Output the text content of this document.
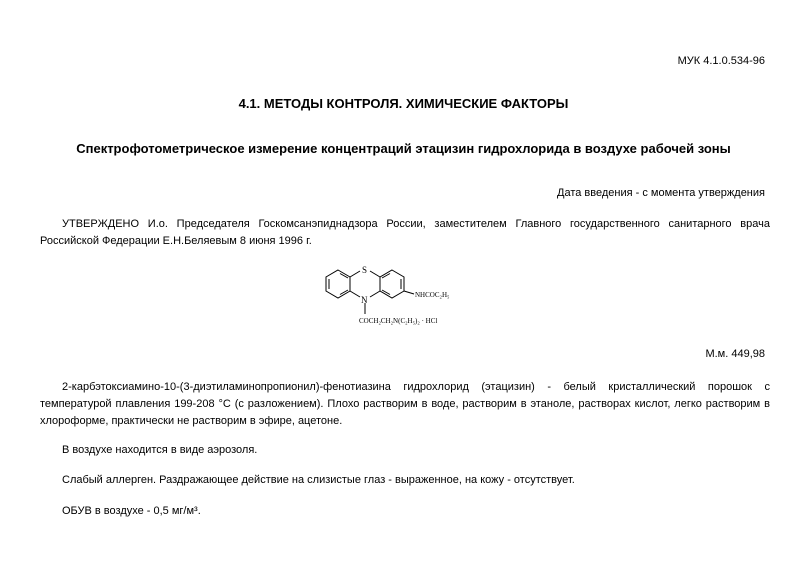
МУК 4.1.0.534-96
4.1. МЕТОДЫ КОНТРОЛЯ. ХИМИЧЕСКИЕ ФАКТОРЫ
Спектрофотометрическое измерение концентраций этацизин гидрохлорида в воздухе рабочей зоны
Дата введения - с момента утверждения

УТВЕРЖДЕНО И.о. Председателя Госкомсанэпиднадзора России, заместителем Главного государственного санитарного врача Российской Федерации Е.Н.Беляевым 8 июня 1996 г.

S
N	NHCOC₂H₅
COCH₂CH₂N(C₂H₅)₂ · HCl
М.м. 449,98

2-карбэтоксиамино-10-(3-диэтиламинопропионил)-фенотиазина гидрохлорид (этацизин) - белый кристаллический порошок с температурой плавления 199-208 °С (с разложением). Плохо растворим в воде, растворим в этаноле, растворах кислот, легко растворим в хлороформе, практически не растворим в эфире, ацетоне.

В воздухе находится в виде аэрозоля.

Слабый аллерген. Раздражающее действие на слизистые глаз - выраженное, на кожу - отсутствует.

ОБУВ в воздухе - 0,5 мг/м³.
